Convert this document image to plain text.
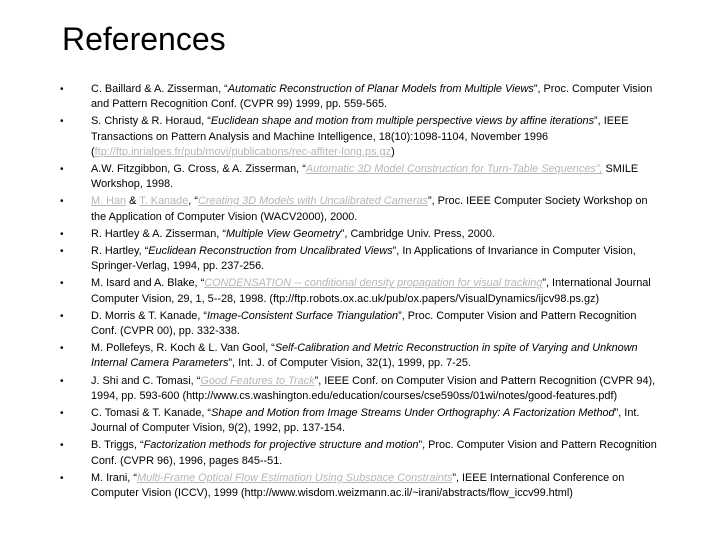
References
•	C. Baillard & A. Zisserman, “Automatic Reconstruction of Planar Models from Multiple Views”, Proc. Computer Vision
and Pattern Recognition Conf. (CVPR 99) 1999, pp. 559-565.
•	S. Christy & R. Horaud, “Euclidean shape and motion from multiple perspective views by affine iterations”, IEEE
Transactions on Pattern Analysis and Machine Intelligence, 18(10):1098-1104, November 1996
(ftp://ftp.inrialpes.fr/pub/movi/publications/rec-affiter-long.ps.gz)
•	A.W. Fitzgibbon, G. Cross, & A. Zisserman, “Automatic 3D Model Construction for Turn-Table Sequences”, SMILE
Workshop, 1998.
•	M. Han & T. Kanade, “Creating 3D Models with Uncalibrated Cameras”, Proc. IEEE Computer Society Workshop on
the Application of Computer Vision (WACV2000), 2000.
•	R. Hartley & A. Zisserman, “Multiple View Geometry”, Cambridge Univ. Press, 2000.
•	R. Hartley, “Euclidean Reconstruction from Uncalibrated Views”, In Applications of Invariance in Computer Vision,
Springer-Verlag, 1994, pp. 237-256.
•	M. Isard and A. Blake, “CONDENSATION -- conditional density propagation for visual tracking”, International Journal
Computer Vision, 29, 1, 5--28, 1998. (ftp://ftp.robots.ox.ac.uk/pub/ox.papers/VisualDynamics/ijcv98.ps.gz)
•	D. Morris & T. Kanade, “Image-Consistent Surface Triangulation”, Proc. Computer Vision and Pattern Recognition
Conf. (CVPR 00), pp. 332-338.
•	M. Pollefeys, R. Koch & L. Van Gool, “Self-Calibration and Metric Reconstruction in spite of Varying and Unknown
Internal Camera Parameters”, Int. J. of Computer Vision, 32(1), 1999, pp. 7-25.
•	J. Shi and C. Tomasi, “Good Features to Track”, IEEE Conf. on Computer Vision and Pattern Recognition (CVPR 94),
1994, pp. 593-600 (http://www.cs.washington.edu/education/courses/cse590ss/01wi/notes/good-features.pdf)
•	C. Tomasi & T. Kanade, “Shape and Motion from Image Streams Under Orthography: A Factorization Method”, Int.
Journal of Computer Vision, 9(2), 1992, pp. 137-154.
•	B. Triggs, “Factorization methods for projective structure and motion”, Proc. Computer Vision and Pattern Recognition
Conf. (CVPR 96), 1996, pages 845--51.
•	M. Irani, “Multi-Frame Optical Flow Estimation Using Subspace Constraints”, IEEE International Conference on
Computer Vision (ICCV), 1999 (http://www.wisdom.weizmann.ac.il/~irani/abstracts/flow_iccv99.html)
